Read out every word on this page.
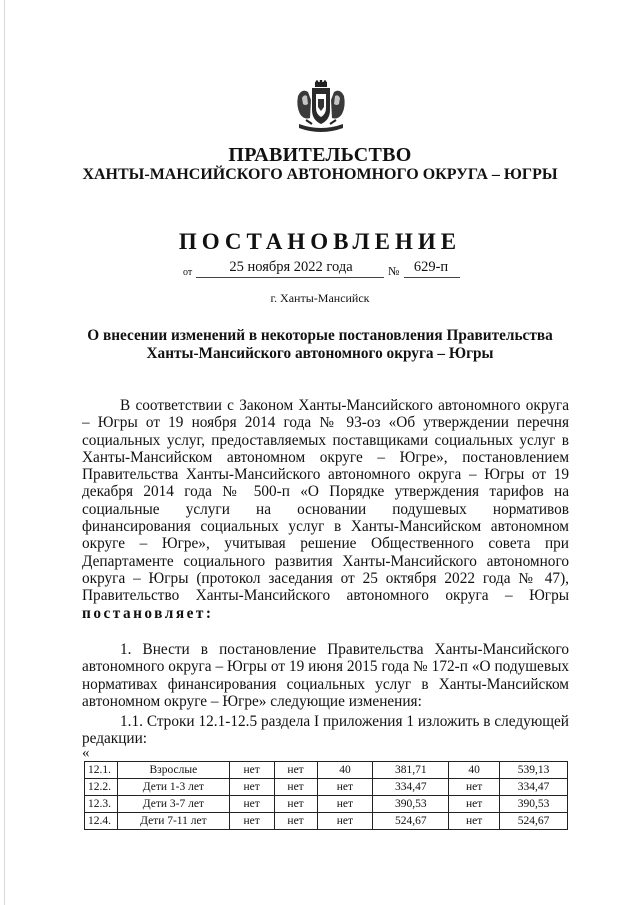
ПРАВИТЕЛЬСТВО
ХАНТЫ-МАНСИЙСКОГО АВТОНОМНОГО ОКРУГА – ЮГРЫ
ПОСТАНОВЛЕНИЕ
от	25 ноября 2022 года	№ 629-п
г. Ханты-Мансийск
О внесении изменений в некоторые постановления Правительства
Ханты-Мансийского автономного округа – Югры

В соответствии с Законом Ханты-Мансийского автономного округа – Югры от 19 ноября 2014 года № 93-оз «Об утверждении перечня социальных услуг, предоставляемых поставщиками социальных услуг в Ханты-Мансийском автономном округе – Югре», постановлением Правительства Ханты-Мансийского автономного округа – Югры от 19 декабря 2014 года № 500-п «О Порядке утверждения тарифов на социальные услуги на основании подушевых нормативов финансирования социальных услуг в Ханты-Мансийском автономном округе – Югре», учитывая решение Общественного совета при Департаменте социального развития Ханты-Мансийского автономного округа – Югры (протокол заседания от 25 октября 2022 года № 47), Правительство Ханты-Мансийского автономного округа – Югры постановляет:

1. Внести в постановление Правительства Ханты-Мансийского автономного округа – Югры от 19 июня 2015 года № 172-п «О подушевых нормативах финансирования социальных услуг в Ханты-Мансийском автономном округе – Югре» следующие изменения:

1.1. Строки 12.1-12.5 раздела I приложения 1 изложить в следующей редакции:

«
12.1.	Взрослые	нет	нет	40	381,71	40	539,13
12.2.	Дети 1-3 лет	нет	нет	нет	334,47	нет	334,47
12.3.	Дети 3-7 лет	нет	нет	нет	390,53	нет	390,53
12.4.	Дети 7-11 лет	нет	нет	нет	524,67	нет	524,67
